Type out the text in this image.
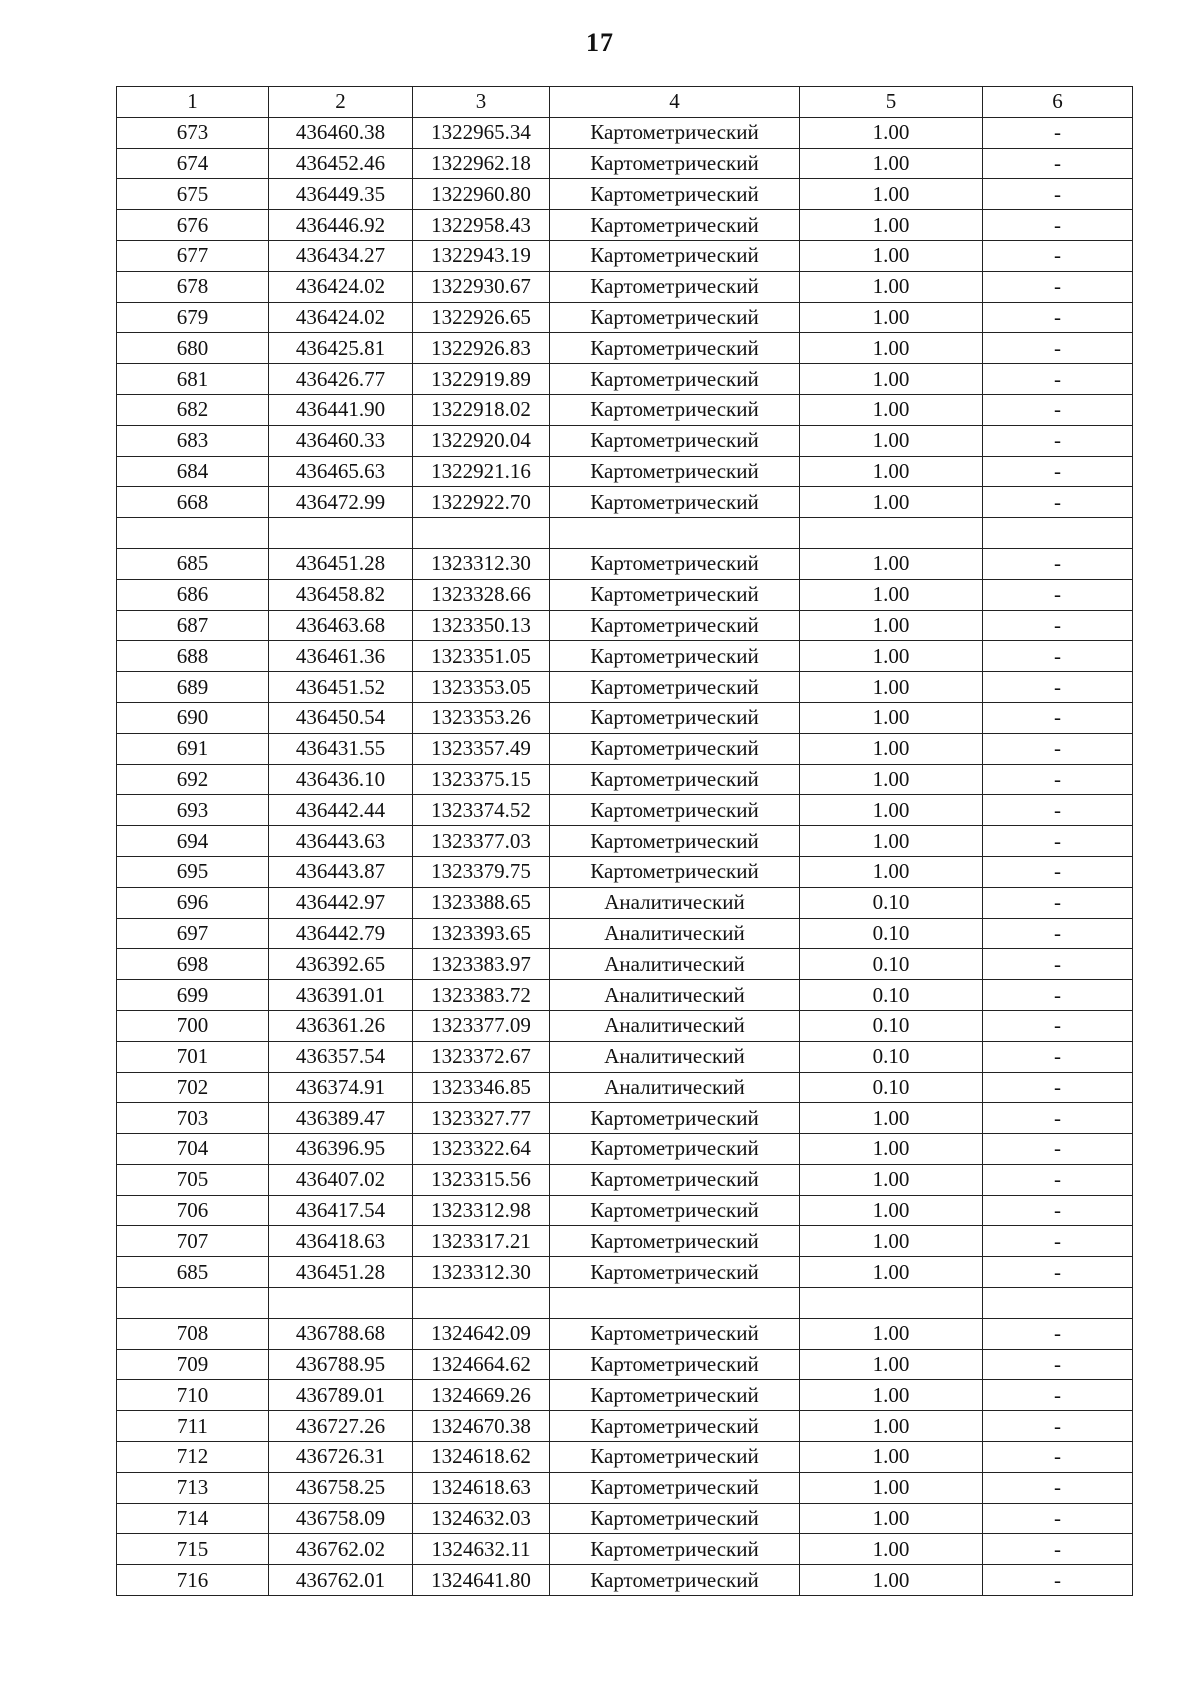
17
1	2	3	4	5	6
673	436460.38	1322965.34	Картометрический	1.00	-
674	436452.46	1322962.18	Картометрический	1.00	-
675	436449.35	1322960.80	Картометрический	1.00	-
676	436446.92	1322958.43	Картометрический	1.00	-
677	436434.27	1322943.19	Картометрический	1.00	-
678	436424.02	1322930.67	Картометрический	1.00	-
679	436424.02	1322926.65	Картометрический	1.00	-
680	436425.81	1322926.83	Картометрический	1.00	-
681	436426.77	1322919.89	Картометрический	1.00	-
682	436441.90	1322918.02	Картометрический	1.00	-
683	436460.33	1322920.04	Картометрический	1.00	-
684	436465.63	1322921.16	Картометрический	1.00	-
668	436472.99	1322922.70	Картометрический	1.00	-

685	436451.28	1323312.30	Картометрический	1.00	-
686	436458.82	1323328.66	Картометрический	1.00	-
687	436463.68	1323350.13	Картометрический	1.00	-
688	436461.36	1323351.05	Картометрический	1.00	-
689	436451.52	1323353.05	Картометрический	1.00	-
690	436450.54	1323353.26	Картометрический	1.00	-
691	436431.55	1323357.49	Картометрический	1.00	-
692	436436.10	1323375.15	Картометрический	1.00	-
693	436442.44	1323374.52	Картометрический	1.00	-
694	436443.63	1323377.03	Картометрический	1.00	-
695	436443.87	1323379.75	Картометрический	1.00	-
696	436442.97	1323388.65	Аналитический	0.10	-
697	436442.79	1323393.65	Аналитический	0.10	-
698	436392.65	1323383.97	Аналитический	0.10	-
699	436391.01	1323383.72	Аналитический	0.10	-
700	436361.26	1323377.09	Аналитический	0.10	-
701	436357.54	1323372.67	Аналитический	0.10	-
702	436374.91	1323346.85	Аналитический	0.10	-
703	436389.47	1323327.77	Картометрический	1.00	-
704	436396.95	1323322.64	Картометрический	1.00	-
705	436407.02	1323315.56	Картометрический	1.00	-
706	436417.54	1323312.98	Картометрический	1.00	-
707	436418.63	1323317.21	Картометрический	1.00	-
685	436451.28	1323312.30	Картометрический	1.00	-

708	436788.68	1324642.09	Картометрический	1.00	-
709	436788.95	1324664.62	Картометрический	1.00	-
710	436789.01	1324669.26	Картометрический	1.00	-
711	436727.26	1324670.38	Картометрический	1.00	-
712	436726.31	1324618.62	Картометрический	1.00	-
713	436758.25	1324618.63	Картометрический	1.00	-
714	436758.09	1324632.03	Картометрический	1.00	-
715	436762.02	1324632.11	Картометрический	1.00	-
716	436762.01	1324641.80	Картометрический	1.00	-
